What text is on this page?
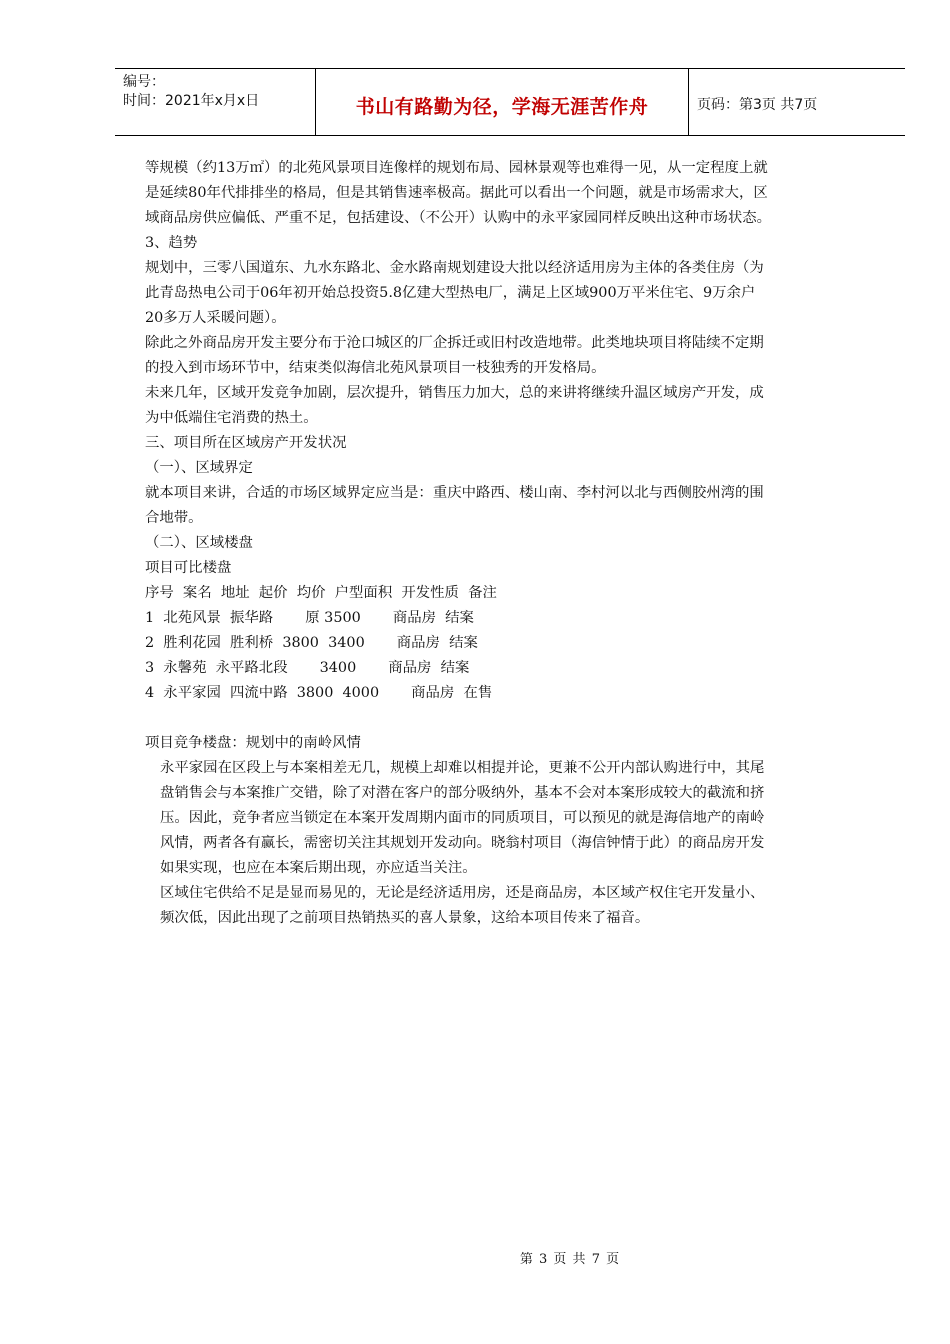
编号：
时间：2021年x月x日	书山有路勤为径，学海无涯苦作舟	页码：第3页 共7页

等规模（约13万㎡）的北苑风景项目连像样的规划布局、园林景观等也难得一见，从一定程度上就

是延续80年代排排坐的格局，但是其销售速率极高。据此可以看出一个问题，就是市场需求大，区

域商品房供应偏低、严重不足，包括建设、（不公开）认购中的永平家园同样反映出这种市场状态。

3、趋势

规划中，三零八国道东、九水东路北、金水路南规划建设大批以经济适用房为主体的各类住房（为

此青岛热电公司于06年初开始总投资5.8亿建大型热电厂，满足上区域900万平米住宅、9万余户

20多万人采暖问题）。

除此之外商品房开发主要分布于沧口城区的厂企拆迁或旧村改造地带。此类地块项目将陆续不定期

的投入到市场环节中，结束类似海信北苑风景项目一枝独秀的开发格局。

未来几年，区域开发竞争加剧，层次提升，销售压力加大，总的来讲将继续升温区域房产开发，成

为中低端住宅消费的热土。

三、项目所在区域房产开发状况

（一）、区域界定

就本项目来讲，合适的市场区域界定应当是：重庆中路西、楼山南、李村河以北与西侧胶州湾的围

合地带。

（二）、区域楼盘

项目可比楼盘

序号  案名  地址  起价  均价  户型面积  开发性质  备注

1  北苑风景  振华路       原 3500       商品房  结案

2  胜利花园  胜利桥  3800  3400       商品房  结案

3  永馨苑  永平路北段       3400       商品房  结案

4  永平家园  四流中路  3800  4000       商品房  在售

项目竞争楼盘：规划中的南岭风情

永平家园在区段上与本案相差无几，规模上却难以相提并论，更兼不公开内部认购进行中，其尾

盘销售会与本案推广交错，除了对潜在客户的部分吸纳外，基本不会对本案形成较大的截流和挤

压。因此，竞争者应当锁定在本案开发周期内面市的同质项目，可以预见的就是海信地产的南岭

风情，两者各有赢长，需密切关注其规划开发动向。晓翁村项目（海信钟情于此）的商品房开发

如果实现，也应在本案后期出现，亦应适当关注。

区域住宅供给不足是显而易见的，无论是经济适用房，还是商品房，本区域产权住宅开发量小、

频次低，因此出现了之前项目热销热买的喜人景象，这给本项目传来了福音。

第 3 页 共 7 页
